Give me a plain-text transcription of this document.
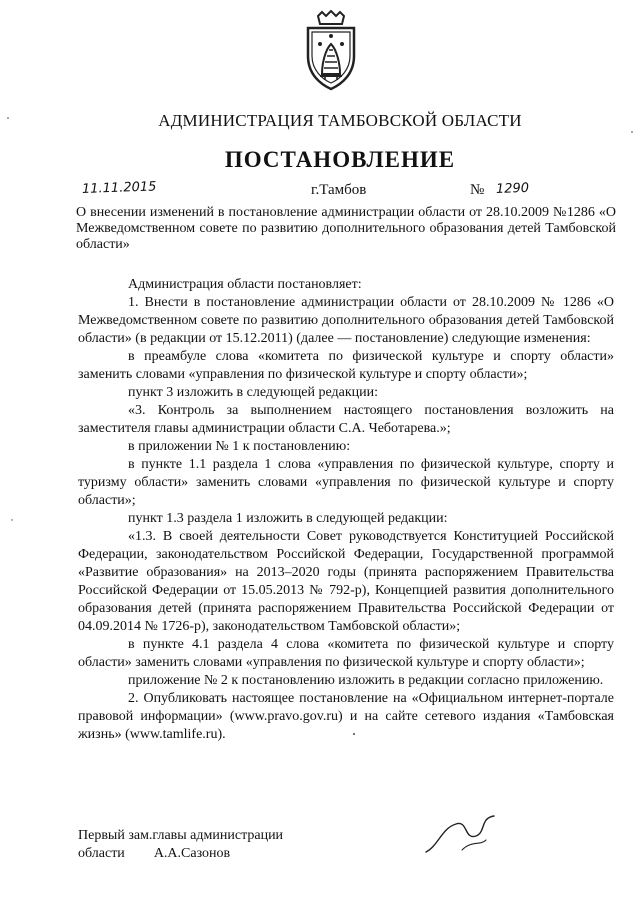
АДМИНИСТРАЦИЯ ТАМБОВСКОЙ ОБЛАСТИ
ПОСТАНОВЛЕНИЕ
11.11.2015	г.Тамбов	№ 1290
О внесении изменений в постановление администрации области от 28.10.2009 №1286 «О Межведомственном совете по развитию дополнительного образования детей Тамбовской области»

Администрация области постановляет:

1. Внести в постановление администрации области от 28.10.2009 № 1286 «О Межведомственном совете по развитию дополнительного образования детей Тамбовской области» (в редакции от 15.12.2011) (далее — постановление) следующие изменения:

в преамбуле слова «комитета по физической культуре и спорту области» заменить словами «управления по физической культуре и спорту области»;

пункт 3 изложить в следующей редакции:

«3. Контроль за выполнением настоящего постановления возложить на заместителя главы администрации области С.А. Чеботарева.»;

в приложении № 1 к постановлению:

в пункте 1.1 раздела 1 слова «управления по физической культуре, спорту и туризму области» заменить словами «управления по физической культуре и спорту области»;

пункт 1.3 раздела 1 изложить в следующей редакции:

«1.3. В своей деятельности Совет руководствуется Конституцией Российской Федерации, законодательством Российской Федерации, Государственной программой «Развитие образования» на 2013–2020 годы (принята распоряжением Правительства Российской Федерации от 15.05.2013 № 792-р), Концепцией развития дополнительного образования детей (принята распоряжением Правительства Российской Федерации от 04.09.2014 № 1726-р), законодательством Тамбовской области»;

в пункте 4.1 раздела 4 слова «комитета по физической культуре и спорту области» заменить словами «управления по физической культуре и спорту области»;

приложение № 2 к постановлению изложить в редакции согласно приложению.

2. Опубликовать настоящее постановление на «Официальном интернет-портале правовой информации» (www.pravo.gov.ru) и на сайте сетевого издания «Тамбовская жизнь» (www.tamlife.ru).

Первый зам.главы администрации
области А.А.Сазонов
